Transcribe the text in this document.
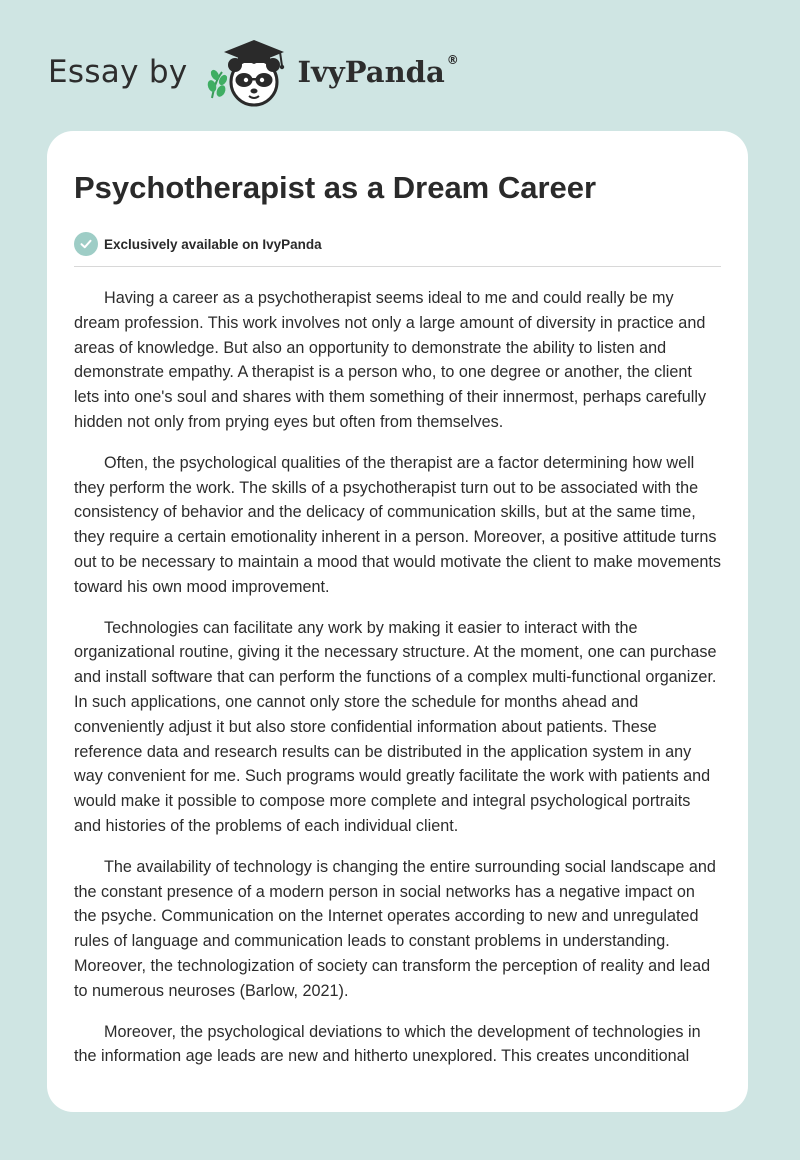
Essay by	IvyPanda ®
Psychotherapist as a Dream Career
Exclusively available on IvyPanda

Having a career as a psychotherapist seems ideal to me and could really be my dream profession. This work involves not only a large amount of diversity in practice and areas of knowledge. But also an opportunity to demonstrate the ability to listen and demonstrate empathy. A therapist is a person who, to one degree or another, the client lets into one's soul and shares with them something of their innermost, perhaps carefully hidden not only from prying eyes but often from themselves.

Often, the psychological qualities of the therapist are a factor determining how well they perform the work. The skills of a psychotherapist turn out to be associated with the consistency of behavior and the delicacy of communication skills, but at the same time, they require a certain emotionality inherent in a person. Moreover, a positive attitude turns out to be necessary to maintain a mood that would motivate the client to make movements toward his own mood improvement.

Technologies can facilitate any work by making it easier to interact with the organizational routine, giving it the necessary structure. At the moment, one can purchase and install software that can perform the functions of a complex multi-functional organizer. In such applications, one cannot only store the schedule for months ahead and conveniently adjust it but also store confidential information about patients. These reference data and research results can be distributed in the application system in any way convenient for me. Such programs would greatly facilitate the work with patients and would make it possible to compose more complete and integral psychological portraits and histories of the problems of each individual client.

The availability of technology is changing the entire surrounding social landscape and the constant presence of a modern person in social networks has a negative impact on the psyche. Communication on the Internet operates according to new and unregulated rules of language and communication leads to constant problems in understanding. Moreover, the technologization of society can transform the perception of reality and lead to numerous neuroses (Barlow, 2021).

Moreover, the psychological deviations to which the development of technologies in the information age leads are new and hitherto unexplored. This creates unconditional
